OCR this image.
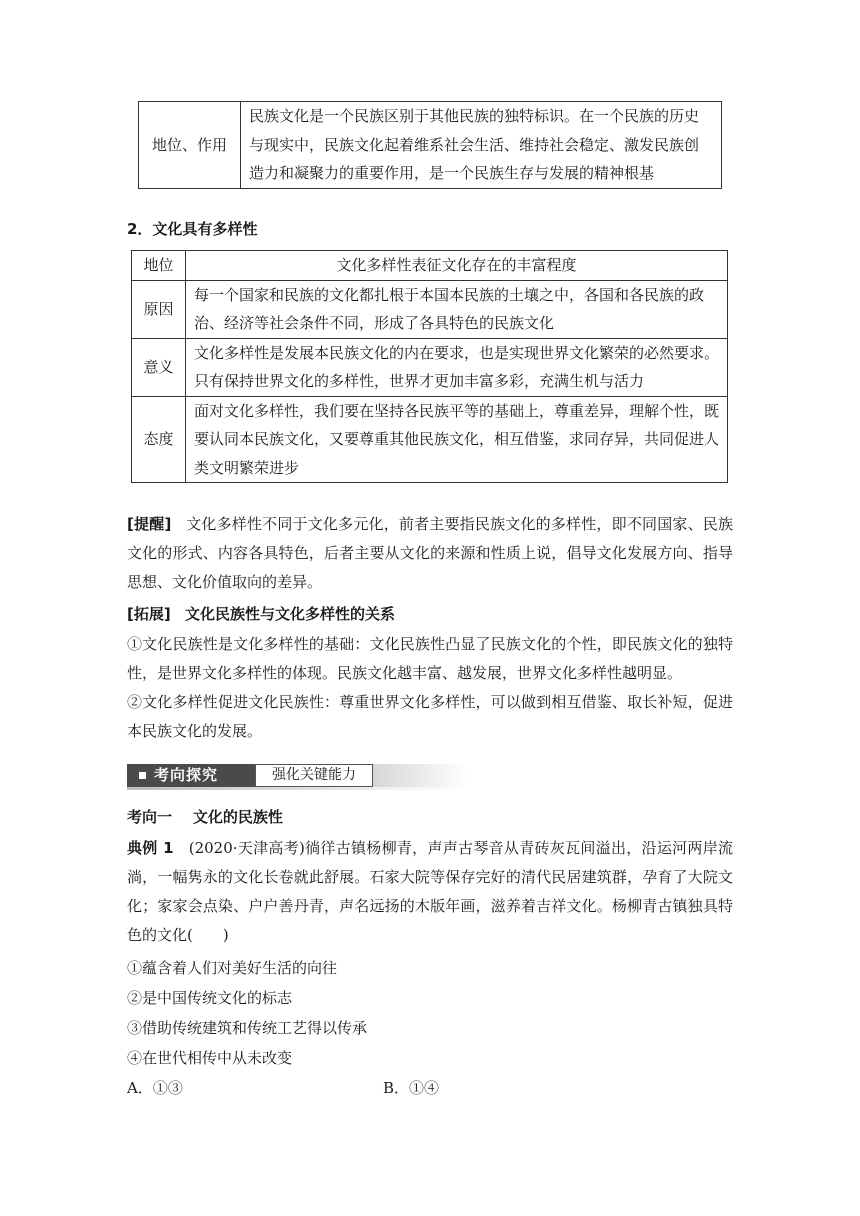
地位、作用	民族文化是一个民族区别于其他民族的独特标识。在一个民族的历史与现实中，民族文化起着维系社会生活、维持社会稳定、激发民族创造力和凝聚力的重要作用，是一个民族生存与发展的精神根基
2．文化具有多样性
地位	文化多样性表征文化存在的丰富程度
原因	每一个国家和民族的文化都扎根于本国本民族的土壤之中，各国和各民族的政治、经济等社会条件不同，形成了各具特色的民族文化
意义	文化多样性是发展本民族文化的内在要求，也是实现世界文化繁荣的必然要求。只有保持世界文化的多样性，世界才更加丰富多彩，充满生机与活力
态度	面对文化多样性，我们要在坚持各民族平等的基础上，尊重差异，理解个性，既要认同本民族文化，又要尊重其他民族文化，相互借鉴，求同存异，共同促进人类文明繁荣进步
[提醒] 文化多样性不同于文化多元化，前者主要指民族文化的多样性，即不同国家、民族文化的形式、内容各具特色，后者主要从文化的来源和性质上说，倡导文化发展方向、指导思想、文化价值取向的差异。
[拓展] 文化民族性与文化多样性的关系
①文化民族性是文化多样性的基础：文化民族性凸显了民族文化的个性，即民族文化的独特性，是世界文化多样性的体现。民族文化越丰富、越发展，世界文化多样性越明显。
②文化多样性促进文化民族性：尊重世界文化多样性，可以做到相互借鉴、取长补短，促进本民族文化的发展。
考向探究	强化关键能力
考向一 文化的民族性
典例 1 (2020·天津高考)徜徉古镇杨柳青，声声古琴音从青砖灰瓦间溢出，沿运河两岸流淌，一幅隽永的文化长卷就此舒展。石家大院等保存完好的清代民居建筑群，孕育了大院文化；家家会点染、户户善丹青，声名远扬的木版年画，滋养着吉祥文化。杨柳青古镇独具特色的文化(　　)
①蕴含着人们对美好生活的向往
②是中国传统文化的标志
③借助传统建筑和传统工艺得以传承
④在世代相传中从未改变
A．①③	B．①④
